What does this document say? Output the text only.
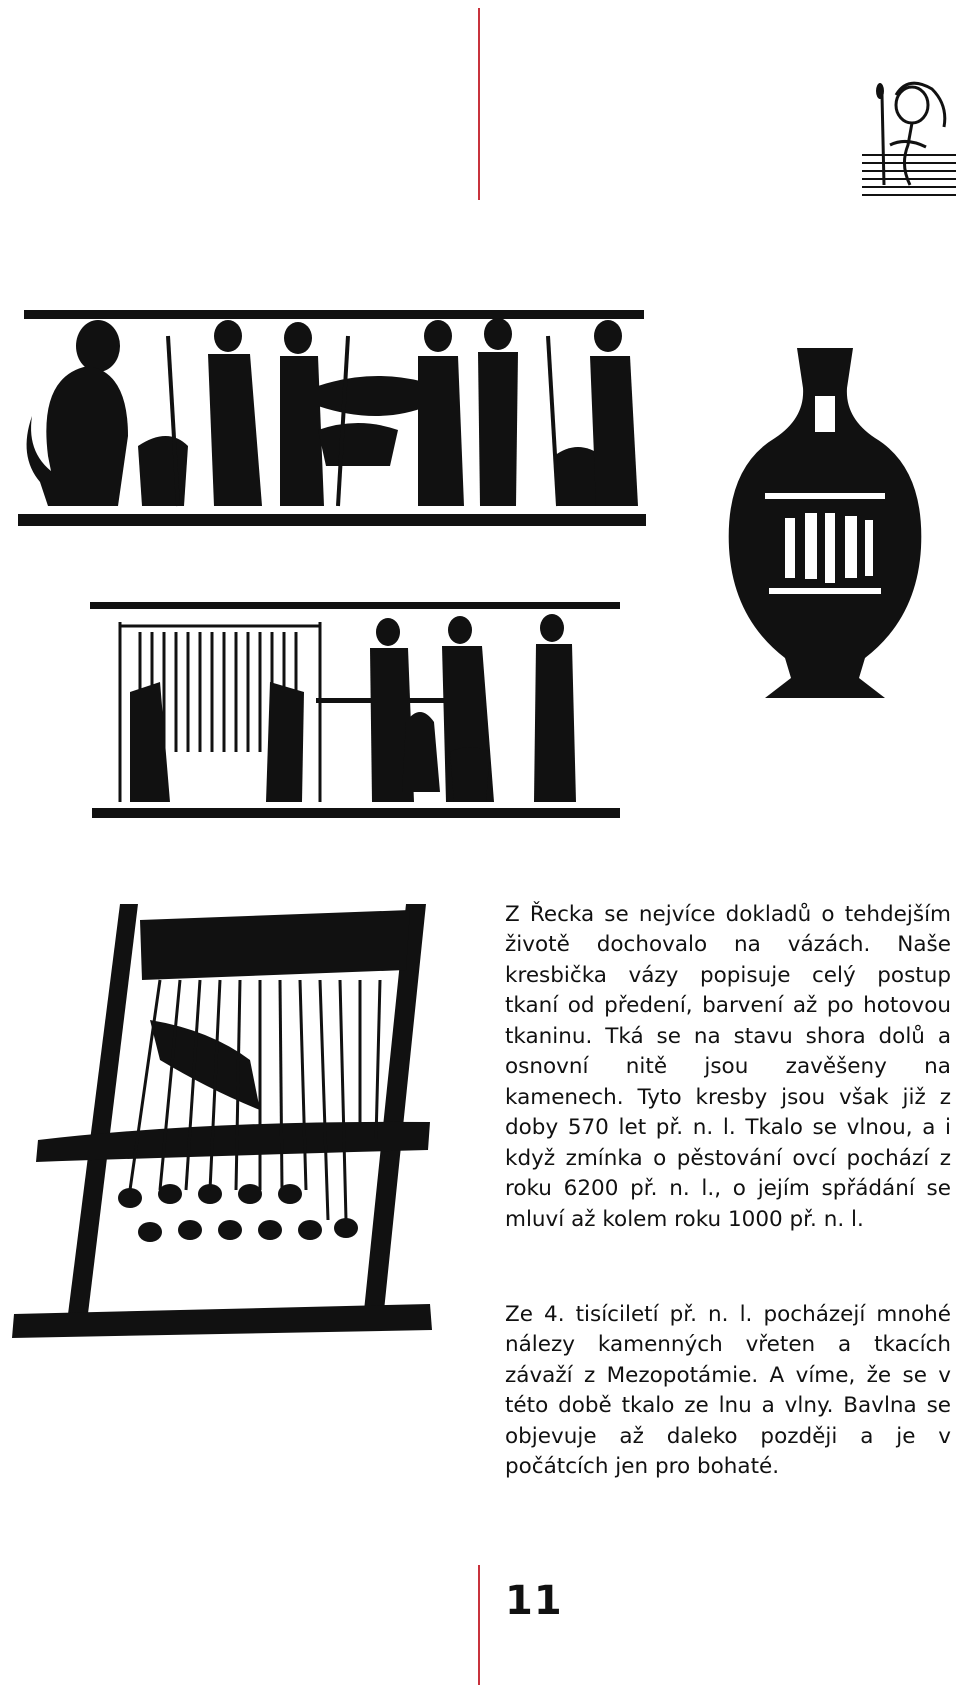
Z Řecka se nejvíce dokladů o tehdejším životě dochovalo na vázách. Naše kresbička vázy popisuje celý postup tkaní od předení, barvení až po hotovou tkaninu. Tká se na stavu shora dolů a osnovní nitě jsou zavěšeny na kamenech. Tyto kresby jsou však již z doby 570 let př. n. l. Tkalo se vlnou, a i když zmínka o pěstování ovcí pochází z roku 6200 př. n. l., o jejím spřádání se mluví až kolem roku 1000 př. n. l.

Ze 4. tisíciletí př. n. l. pocházejí mnohé nálezy kamenných vřeten a tkacích závaží z Mezopotámie. A víme, že se v této době tkalo ze lnu a vlny. Bavlna se objevuje až daleko později a je v počátcích jen pro bohaté.

11
